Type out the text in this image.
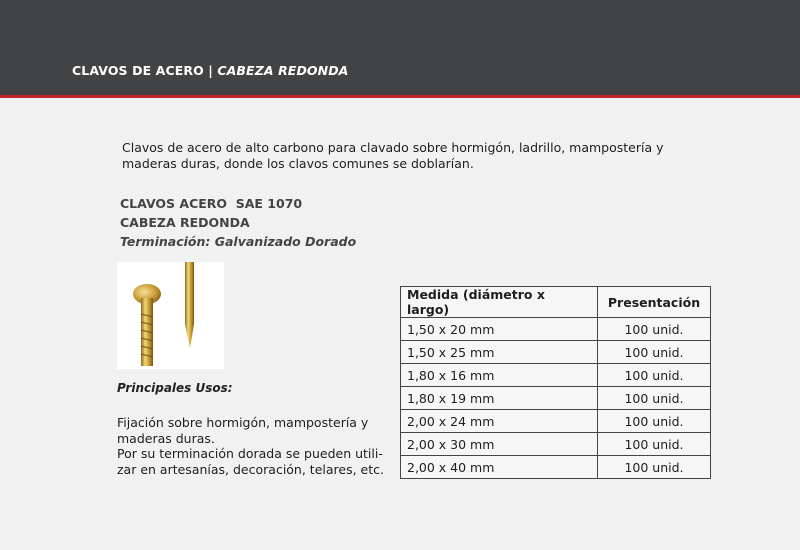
CLAVOS DE ACERO | CABEZA REDONDA
Clavos de acero de alto carbono para clavado sobre hormigón, ladrillo, mampostería y maderas duras, donde los clavos comunes se doblarían.
CLAVOS ACERO  SAE 1070
CABEZA REDONDA
Terminación: Galvanizado Dorado
Principales Usos:
Fijación sobre hormigón, mampostería y maderas duras.
Por su terminación dorada se pueden utili-zar en artesanías, decoración, telares, etc.
Medida (diámetro x largo)	Presentación
1,50 x 20 mm	100 unid.
1,50 x 25 mm	100 unid.
1,80 x 16 mm	100 unid.
1,80 x 19 mm	100 unid.
2,00 x 24 mm	100 unid.
2,00 x 30 mm	100 unid.
2,00 x 40 mm	100 unid.
